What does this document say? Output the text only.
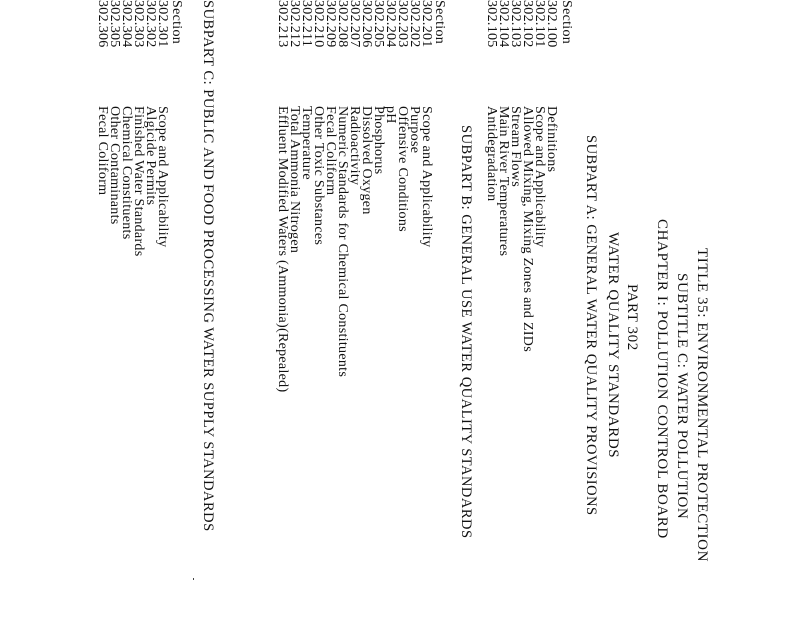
TITLE 35: ENVIRONMENTAL PROTECTION
SUBTITLE C: WATER POLLUTION
CHAPTER I: POLLUTION CONTROL BOARD
PART 302
WATER QUALITY STANDARDS
SUBPART A: GENERAL WATER QUALITY PROVISIONS
Section
302.100
Definitions
302.101
Scope and Applicability
302.102
Allowed Mixing, Mixing Zones and ZIDs
302.103
Stream Flows
302.104
Main River Temperatures
302.105
Antidegradation
SUBPART B: GENERAL USE WATER QUALITY STANDARDS
Section
302.201
Scope and Applicability
302.202
Purpose
302.203
Offensive Conditions
302.204
pH
302.205
Phosphorus
302.206
Dissolved Oxygen
302.207
Radioactivity
302.208
Numeric Standards for Chemical Constituents
302.209
Fecal Coliform
302.210
Other Toxic Substances
302.211
Temperature
302.212
Total Ammonia Nitrogen
302.213
Effluent Modified Waters (Ammonia)(Repealed)
SUBPART C: PUBLIC AND FOOD PROCESSING WATER SUPPLY STANDARDS
Section
302.301
Scope and Applicability
302.302
Algicide Permits
302.303
Finished Water Standards
302.304
Chemical Constituents
302.305
Other Contaminants
302.306
Fecal Coliform
